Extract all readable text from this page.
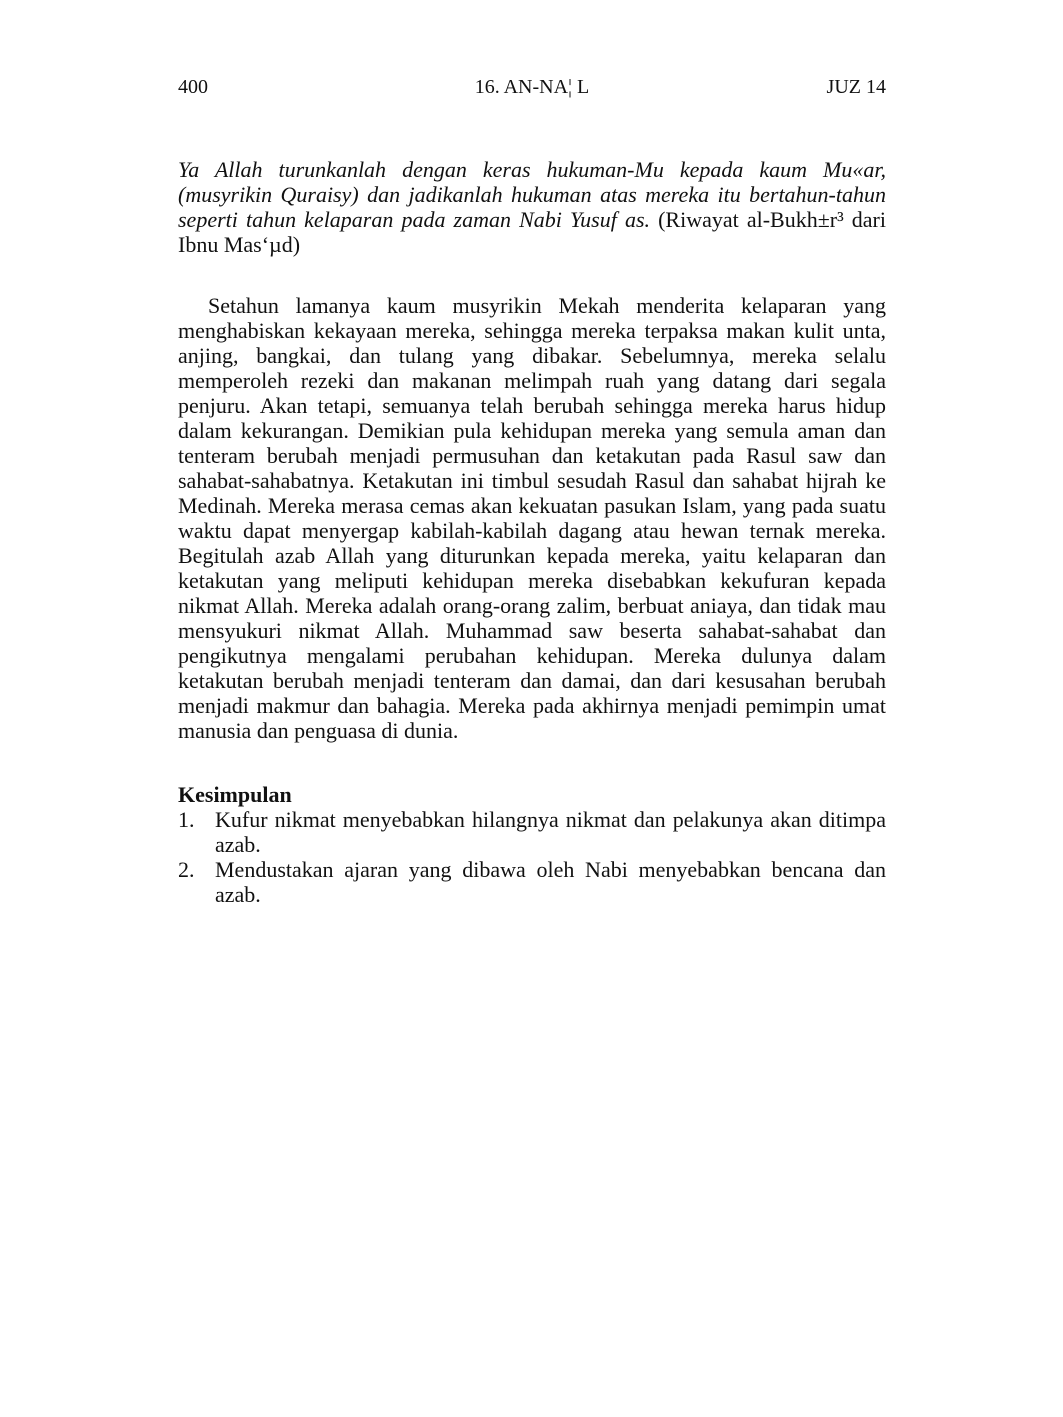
400	16. AN-NA¦ L	JUZ 14

Ya Allah turunkanlah dengan keras hukuman-Mu kepada kaum Mu«ar, (musyrikin Quraisy) dan jadikanlah hukuman atas mereka itu bertahun-tahun seperti tahun kelaparan pada zaman Nabi Yusuf as. (Riwayat al-Bukh±r³ dari Ibnu Mas‘µd)

Setahun lamanya kaum musyrikin Mekah menderita kelaparan yang menghabiskan kekayaan mereka, sehingga mereka terpaksa makan kulit unta, anjing, bangkai, dan tulang yang dibakar. Sebelumnya, mereka selalu memperoleh rezeki dan makanan melimpah ruah yang datang dari segala penjuru. Akan tetapi, semuanya telah berubah sehingga mereka harus hidup dalam kekurangan. Demikian pula kehidupan mereka yang semula aman dan tenteram berubah menjadi permusuhan dan ketakutan pada Rasul saw dan sahabat-sahabatnya. Ketakutan ini timbul sesudah Rasul dan sahabat hijrah ke Medinah. Mereka merasa cemas akan kekuatan pasukan Islam, yang pada suatu waktu dapat menyergap kabilah-kabilah dagang atau hewan ternak mereka. Begitulah azab Allah yang diturunkan kepada mereka, yaitu kelaparan dan ketakutan yang meliputi kehidupan mereka disebabkan kekufuran kepada nikmat Allah. Mereka adalah orang-orang zalim, berbuat aniaya, dan tidak mau mensyukuri nikmat Allah. Muhammad saw beserta sahabat-sahabat dan pengikutnya mengalami perubahan kehidupan. Mereka dulunya dalam ketakutan berubah menjadi tenteram dan damai, dan dari kesusahan berubah menjadi makmur dan bahagia. Mereka pada akhirnya menjadi pemimpin umat manusia dan penguasa di dunia.

Kesimpulan
1. Kufur nikmat menyebabkan hilangnya nikmat dan pelakunya akan ditimpa azab.
2. Mendustakan ajaran yang dibawa oleh Nabi menyebabkan bencana dan azab.
